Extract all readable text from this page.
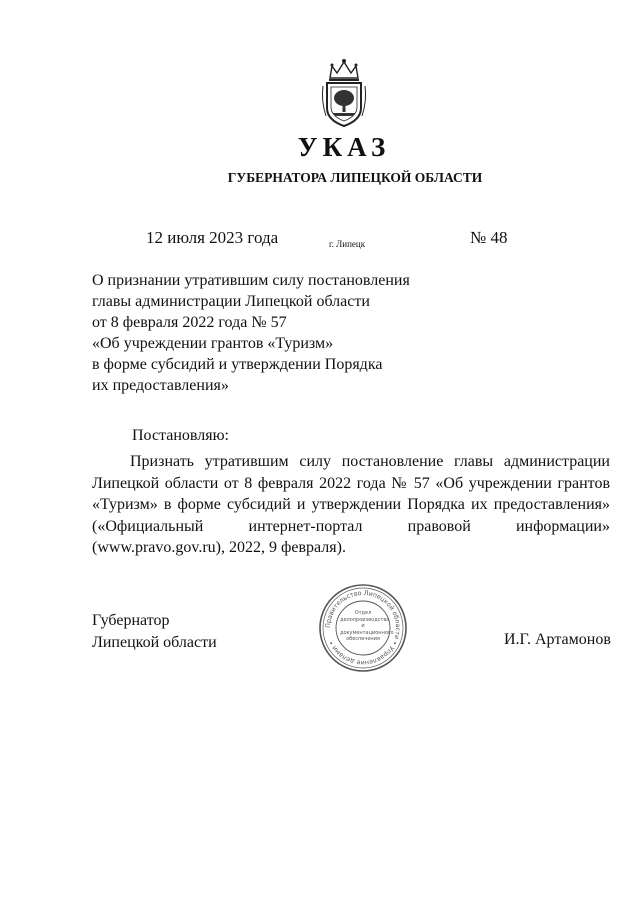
УКАЗ
ГУБЕРНАТОРА ЛИПЕЦКОЙ ОБЛАСТИ
12 июля 2023 года	г. Липецк	№ 48
О признании утратившим силу постановления
главы администрации Липецкой области
от 8 февраля 2022 года № 57
«Об учреждении грантов «Туризм»
в форме субсидий и утверждении Порядка
их предоставления»
Постановляю:
Признать утратившим силу постановление главы администрации Липецкой области от 8 февраля 2022 года № 57 «Об учреждении грантов «Туризм» в форме субсидий и утверждении Порядка их предоставления» («Официальный интернет-портал правовой информации» (www.pravo.gov.ru), 2022, 9 февраля).
Губернатор
Липецкой области	И.Г. Артамонов
Правительство Липецкой области • Управление делами •
Отдел делопроизводства и документационного обеспечения
